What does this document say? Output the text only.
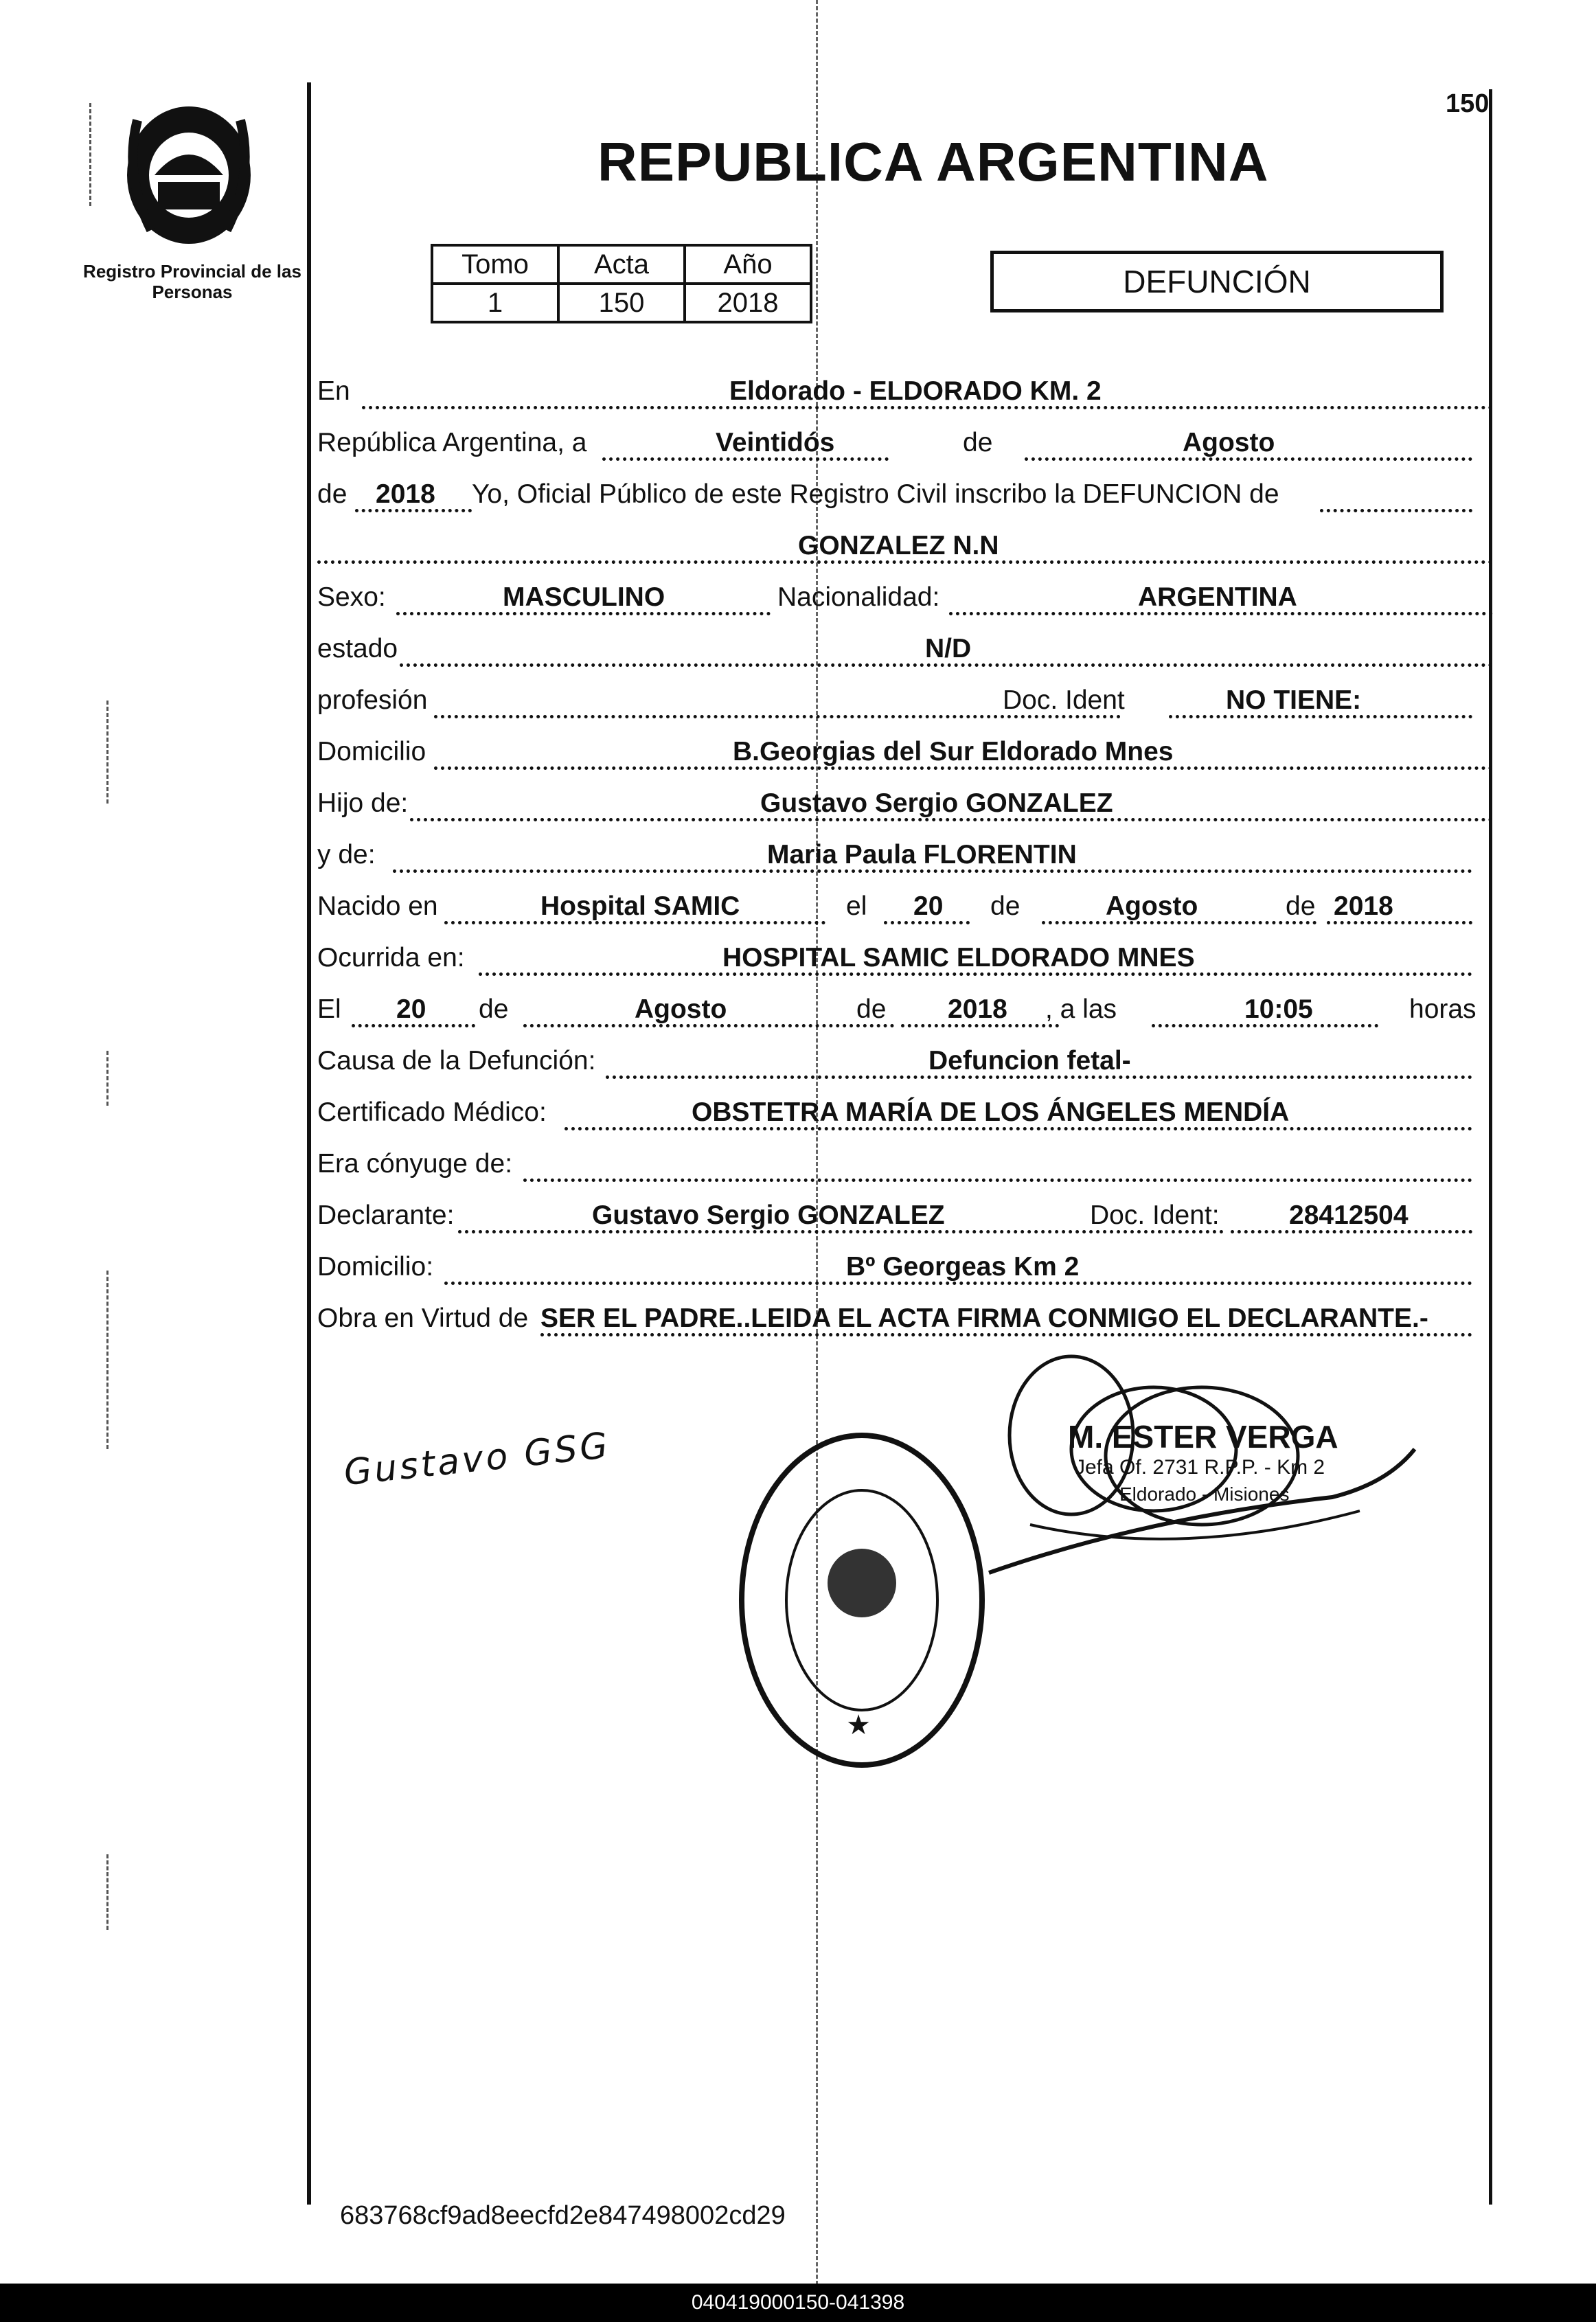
Registro Provincial de las Personas
150
REPUBLICA ARGENTINA
Tomo	Acta	Año
1	150	2018
DEFUNCIÓN
En	Eldorado - ELDORADO KM. 2
República Argentina, a	Veintidós	de	Agosto
de 2018 Yo, Oficial Público de este Registro Civil inscribo la DEFUNCION de
GONZALEZ N.N
Sexo:	MASCULINO	Nacionalidad:	ARGENTINA
estado	N/D
profesión	Doc. Ident	NO TIENE:
Domicilio	B.Georgias del Sur Eldorado Mnes
Hijo de:	Gustavo Sergio GONZALEZ
y de:	Maria Paula FLORENTIN
Nacido en	Hospital SAMIC	el 20 de	Agosto	de 2018
Ocurrida en:	HOSPITAL SAMIC ELDORADO MNES
El 20 de	Agosto	de 2018 , a las	10:05	horas
Causa de la Defunción:	Defuncion fetal-
Certificado Médico:	OBSTETRA MARÍA DE LOS ÁNGELES MENDÍA
Era cónyuge de:
Declarante:	Gustavo Sergio GONZALEZ	Doc. Ident:	28412504
Domicilio:	Bº Georgeas Km 2
Obra en Virtud de SER EL PADRE..LEIDA EL ACTA FIRMA CONMIGO EL DECLARANTE.-
Gustavo GSG
★
M. ESTER VERGA
Jefa Of. 2731 R.P.P. - Km 2
Eldorado - Misiones
683768cf9ad8eecfd2e847498002cd29
040419000150-041398
